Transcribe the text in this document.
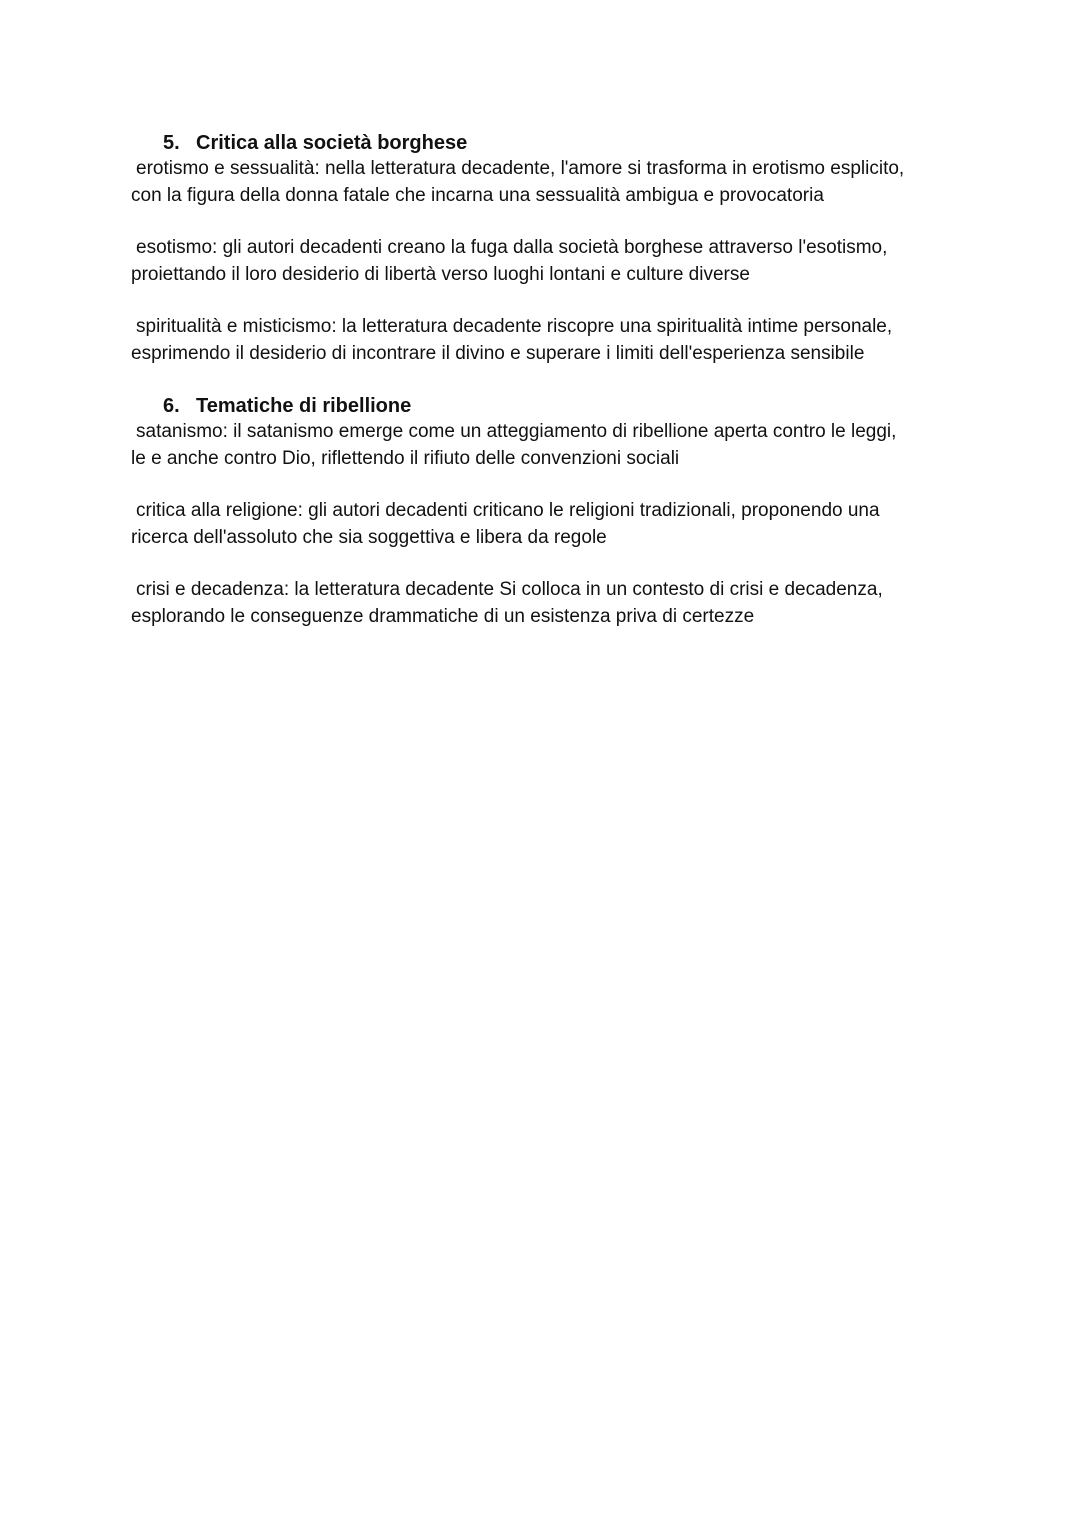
5. Critica alla società borghese

erotismo e sessualità: nella letteratura decadente, l'amore si trasforma in erotismo esplicito,
con la figura della donna fatale che incarna una sessualità ambigua e provocatoria

esotismo: gli autori decadenti creano la fuga dalla società borghese attraverso l'esotismo,
proiettando il loro desiderio di libertà verso luoghi lontani e culture diverse

spiritualità e misticismo: la letteratura decadente riscopre una spiritualità intime personale,
esprimendo il desiderio di incontrare il divino e superare i limiti dell'esperienza sensibile

6. Tematiche di ribellione

satanismo: il satanismo emerge come un atteggiamento di ribellione aperta contro le leggi,
le e anche contro Dio, riflettendo il rifiuto delle convenzioni sociali

critica alla religione: gli autori decadenti criticano le religioni tradizionali, proponendo una
ricerca dell'assoluto che sia soggettiva e libera da regole

crisi e decadenza: la letteratura decadente Si colloca in un contesto di crisi e decadenza,
esplorando le conseguenze drammatiche di un esistenza priva di certezze
